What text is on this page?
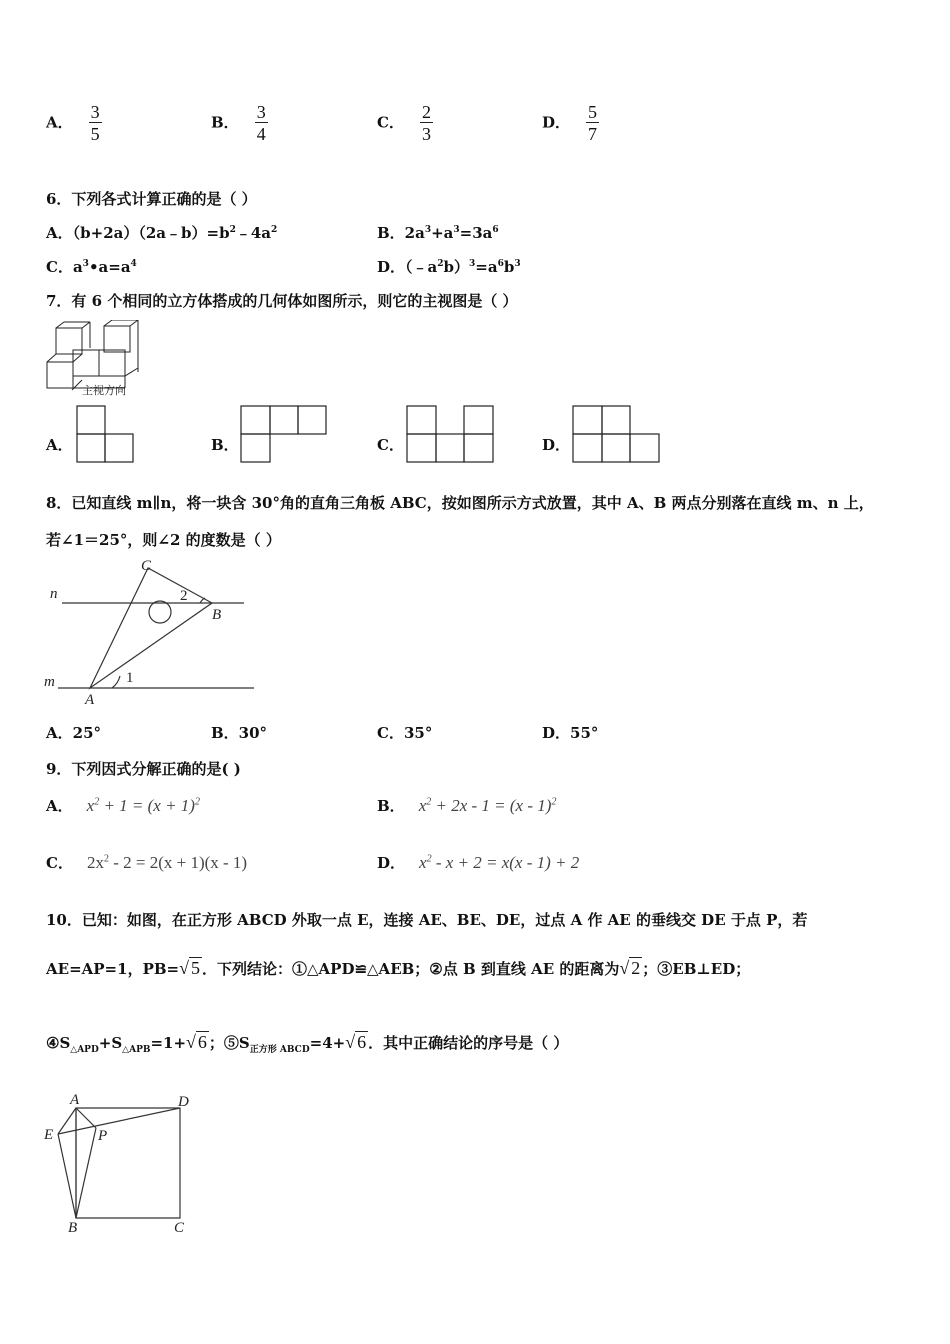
A． $\frac{3}{5}$	B． $\frac{3}{4}$	C． $\frac{2}{3}$	D． $\frac{5}{7}$
6．下列各式计算正确的是（ ）
A．$(b+2a)(2a﹣b)=b^2﹣4a^2$	B．$2a^3+a^3=3a^6$
C．$a^3•a=a^4$	D．$(﹣a^2b)^3=a^6b^3$
7．有 6 个相同的立方体搭成的几何体如图所示，则它的主视图是（ ）
主视方向
A．	B．	C．	D．
8．已知直线 m∥n，将一块含 30°角的直角三角板 ABC，按如图所示方式放置，其中 A、B 两点分别落在直线 m、n 上，
若∠1＝25°，则∠2 的度数是（ ）
n
m
C
B
A
1
2
A．25°	B．30°	C．35°	D．55°
9．下列因式分解正确的是( )
A． $x^2 + 1 = (x + 1)^2$	B． $x^2 + 2x - 1 = (x - 1)^2$
C． $2x^2 - 2 = 2(x + 1)(x - 1)$	D． $x^2 - x + 2 = x(x - 1) + 2$
10．已知：如图，在正方形 ABCD 外取一点 E，连接 AE、BE、DE，过点 A 作 AE 的垂线交 DE 于点 P，若
AE=AP=1，PB=√ 5 ．下列结论：①△APD≌△AEB；②点 B 到直线 AE 的距离为√ 2 ；③EB⊥ED；
$④S_{\triangle APD}+S_{\triangle APB}=1+√$ 6 ；$⑤S_{正方形 ABCD}=4+√$ 6 ．其中正确结论的序号是（ ）
A	D
E	P
B	C
